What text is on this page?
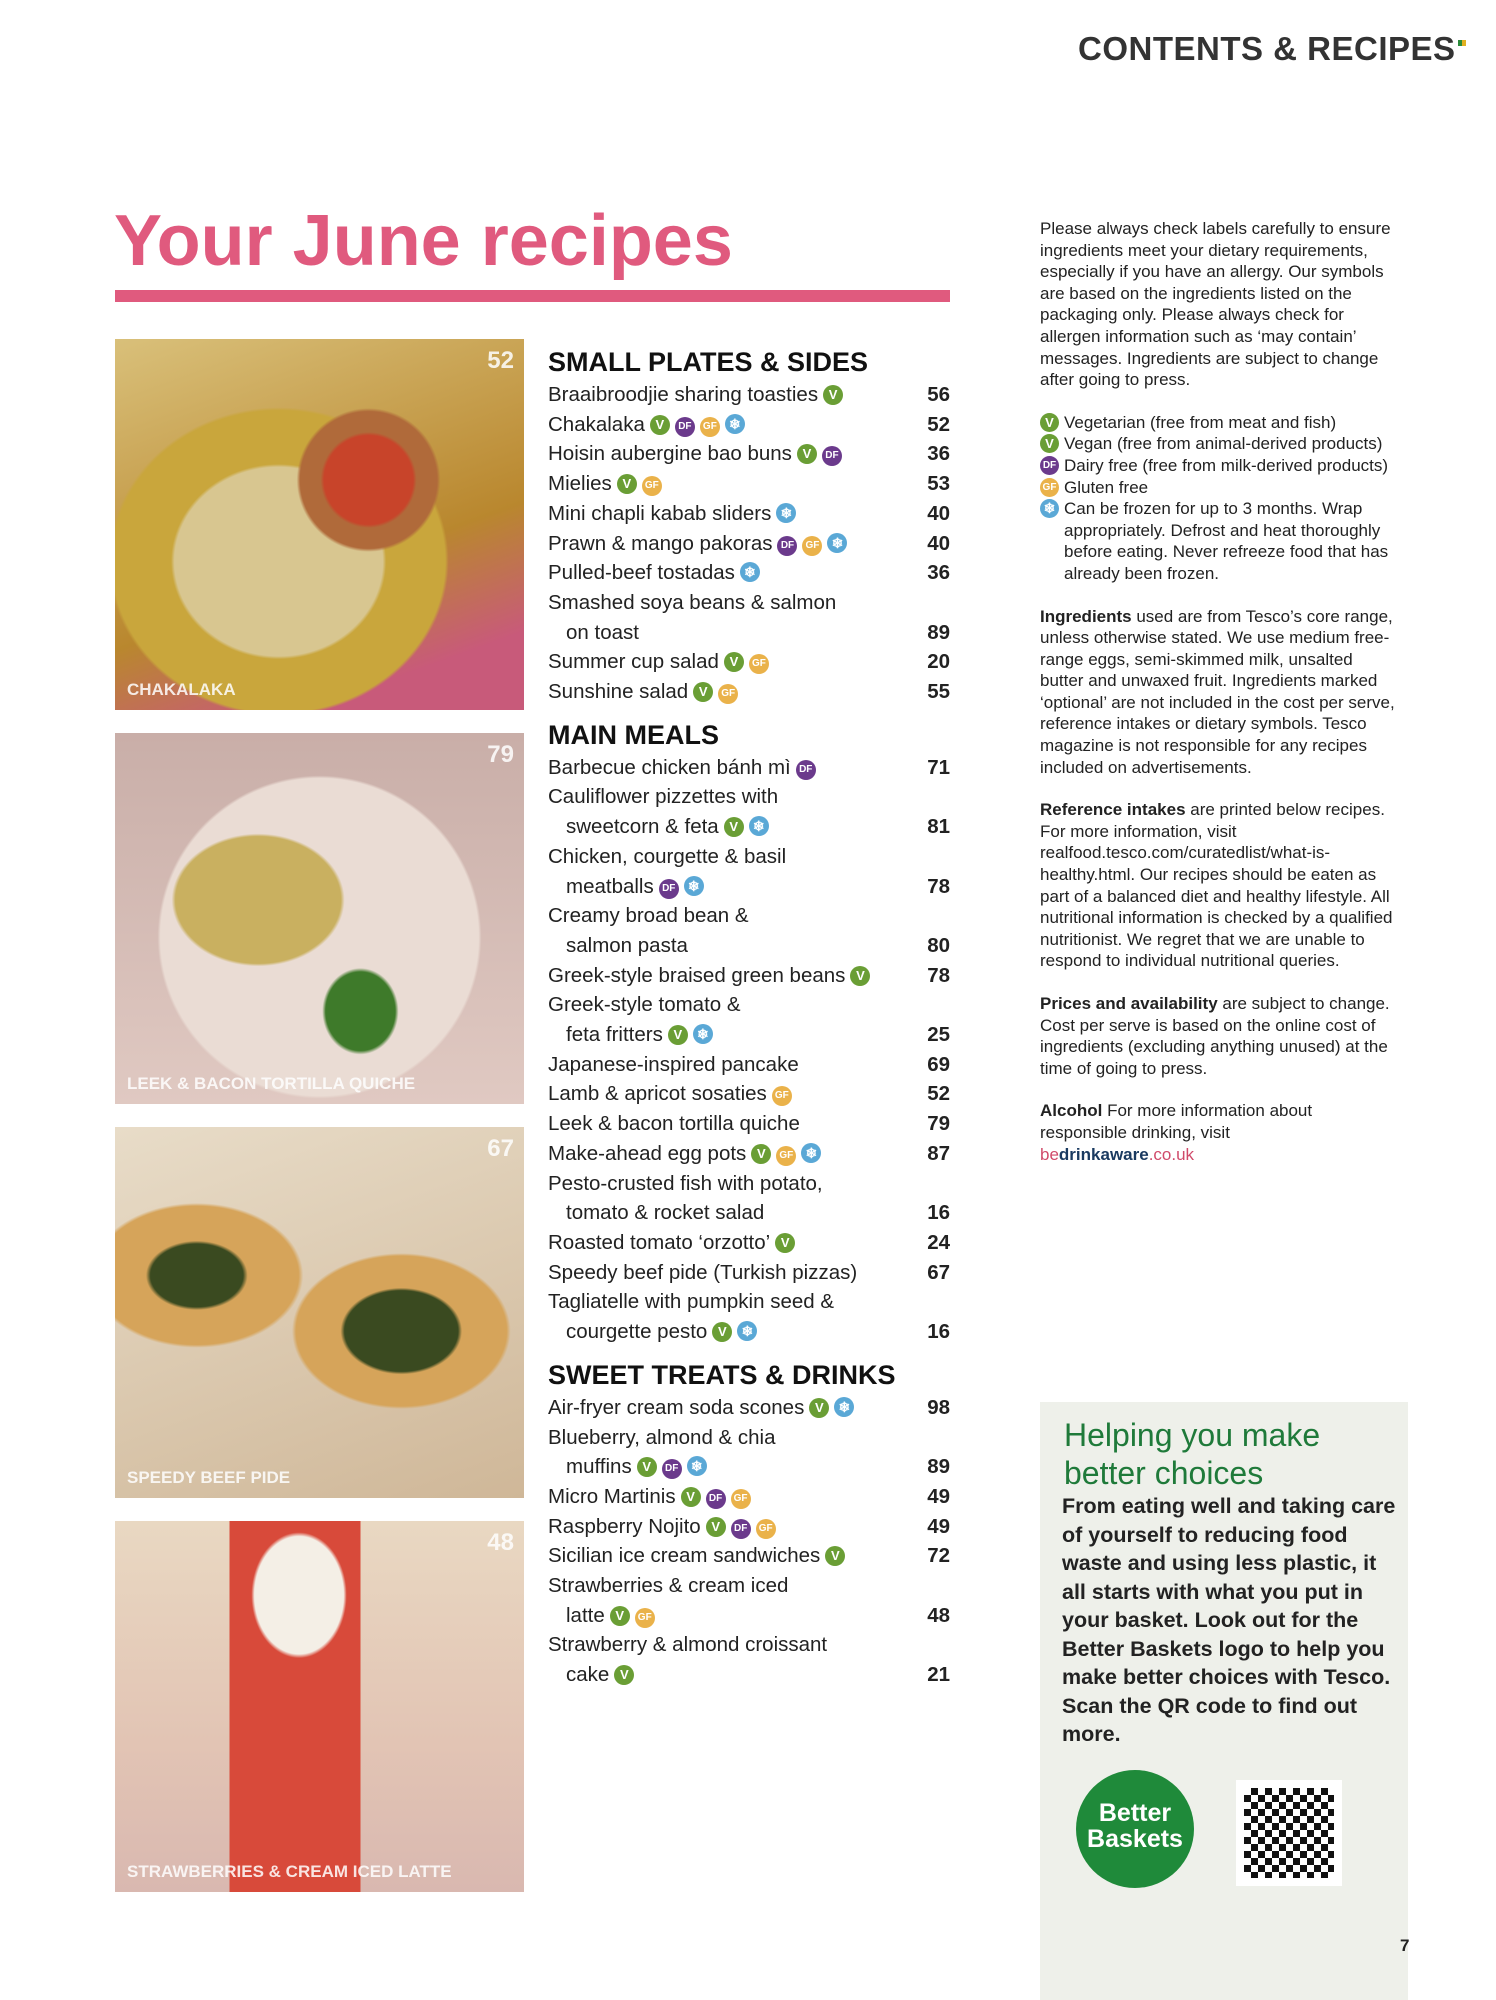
CONTENTS & RECIPES
Your June recipes
52
CHAKALAKA
79
LEEK & BACON TORTILLA QUICHE
67
SPEEDY BEEF PIDE
48
STRAWBERRIES & CREAM ICED LATTE
SMALL PLATES & SIDES
Braaibroodjie sharing toasties V	56
Chakalaka V DF GF ❄	52
Hoisin aubergine bao buns V DF	36
Mielies V GF	53
Mini chapli kabab sliders ❄	40
Prawn & mango pakoras DF GF ❄	40
Pulled-beef tostadas ❄	36
Smashed soya beans & salmon
on toast	89
Summer cup salad V GF	20
Sunshine salad V GF	55
MAIN MEALS
Barbecue chicken bánh mì DF	71
Cauliflower pizzettes with
sweetcorn & feta V ❄	81
Chicken, courgette & basil
meatballs DF ❄	78
Creamy broad bean &
salmon pasta	80
Greek-style braised green beans V	78
Greek-style tomato &
feta fritters V ❄	25
Japanese-inspired pancake	69
Lamb & apricot sosaties GF	52
Leek & bacon tortilla quiche	79
Make-ahead egg pots V GF ❄	87
Pesto-crusted fish with potato,
tomato & rocket salad	16
Roasted tomato ‘orzotto’ V	24
Speedy beef pide (Turkish pizzas)	67
Tagliatelle with pumpkin seed &
courgette pesto V ❄	16
SWEET TREATS & DRINKS
Air-fryer cream soda scones V ❄	98
Blueberry, almond & chia
muffins V DF ❄	89
Micro Martinis V DF GF	49
Raspberry Nojito V DF GF	49
Sicilian ice cream sandwiches V	72
Strawberries & cream iced
latte V GF	48
Strawberry & almond croissant
cake V	21

Please always check labels carefully to ensure ingredients meet your dietary requirements, especially if you have an allergy. Our symbols are based on the ingredients listed on the packaging only. Please always check for allergen information such as ‘may contain’ messages. Ingredients are subject to change after going to press.

V Vegetarian (free from meat and fish)
V Vegan (free from animal-derived products)
DF Dairy free (free from milk-derived products)
GF Gluten free
❄ Can be frozen for up to 3 months. Wrap appropriately. Defrost and heat thoroughly before eating. Never refreeze food that has already been frozen.

Ingredients used are from Tesco’s core range, unless otherwise stated. We use medium free-range eggs, semi-skimmed milk, unsalted butter and unwaxed fruit. Ingredients marked ‘optional’ are not included in the cost per serve, reference intakes or dietary symbols. Tesco magazine is not responsible for any recipes included on advertisements.

Reference intakes are printed below recipes. For more information, visit realfood.tesco.com/curatedlist/what-is-healthy.html. Our recipes should be eaten as part of a balanced diet and healthy lifestyle. All nutritional information is checked by a qualified nutritionist. We regret that we are unable to respond to individual nutritional queries.

Prices and availability are subject to change. Cost per serve is based on the online cost of ingredients (excluding anything unused) at the time of going to press.

Alcohol For more information about responsible drinking, visit

bedrinkaware.co.uk
Helping you make better choices
From eating well and taking care of yourself to reducing food waste and using less plastic, it all starts with what you put in your basket. Look out for the Better Baskets logo to help you make better choices with Tesco. Scan the QR code to find out more.
Better Baskets
7
